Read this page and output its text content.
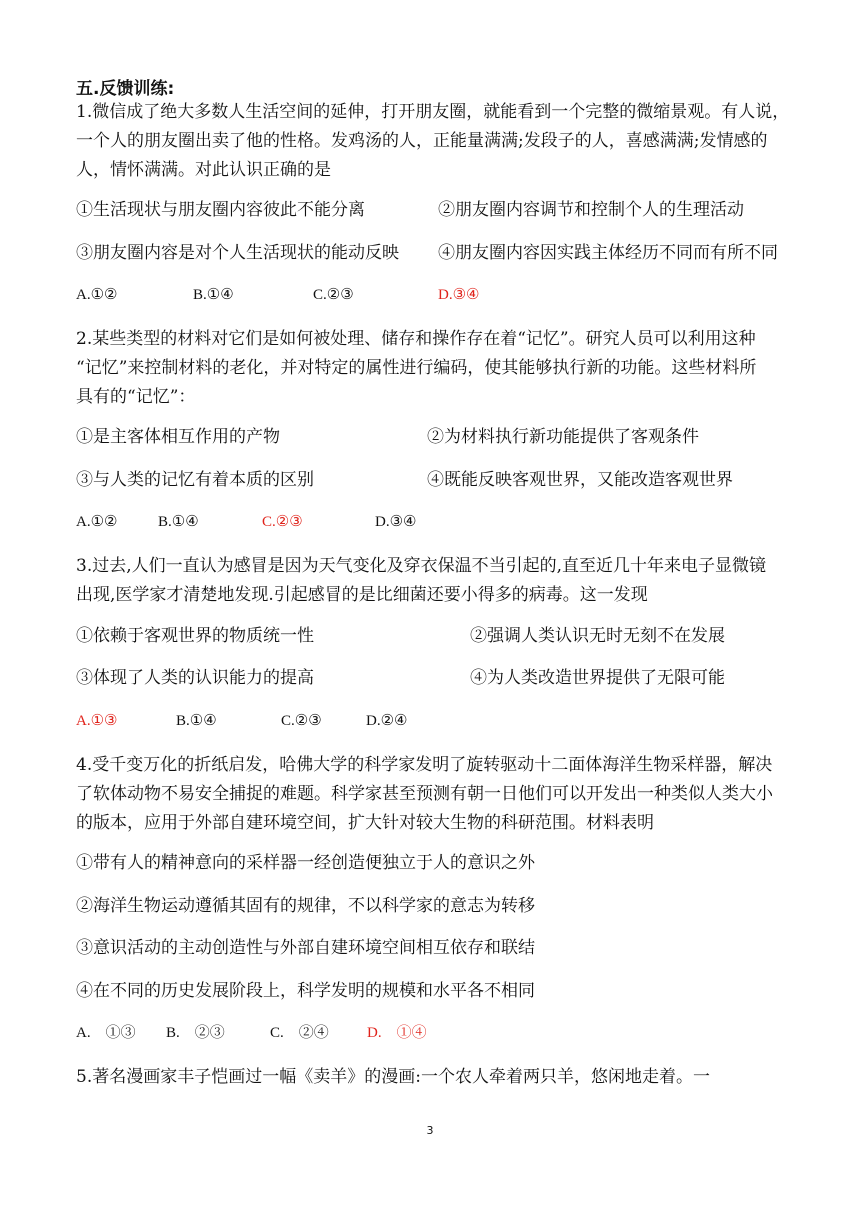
五.反馈训练:
1.微信成了绝大多数人生活空间的延伸，打开朋友圈，就能看到一个完整的微缩景观。有人说，
一个人的朋友圈出卖了他的性格。发鸡汤的人，正能量满满;发段子的人，喜感满满;发情感的
人，情怀满满。对此认识正确的是
①生活现状与朋友圈内容彼此不能分离	②朋友圈内容调节和控制个人的生理活动
③朋友圈内容是对个人生活现状的能动反映 ④朋友圈内容因实践主体经历不同而有所不同
A.①②	B.①④	C.②③	D.③④
2.某些类型的材料对它们是如何被处理、储存和操作存在着“记忆”。研究人员可以利用这种
“记忆”来控制材料的老化，并对特定的属性进行编码，使其能够执行新的功能。这些材料所
具有的“记忆”：
①是主客体相互作用的产物	②为材料执行新功能提供了客观条件
③与人类的记忆有着本质的区别	④既能反映客观世界，又能改造客观世界
A.①②	B.①④	C.②③	D.③④
3.过去,人们一直认为感冒是因为天气变化及穿衣保温不当引起的,直至近几十年来电子显微镜
出现,医学家才清楚地发现.引起感冒的是比细菌还要小得多的病毒。这一发现
①依赖于客观世界的物质统一性	②强调人类认识无时无刻不在发展
③体现了人类的认识能力的提高	④为人类改造世界提供了无限可能
A.①③	B.①④	C.②③	D.②④
4.受千变万化的折纸启发，哈佛大学的科学家发明了旋转驱动十二面体海洋生物采样器，解决
了软体动物不易安全捕捉的难题。科学家甚至预测有朝一日他们可以开发出一种类似人类大小
的版本，应用于外部自建环境空间，扩大针对较大生物的科研范围。材料表明
①带有人的精神意向的采样器一经创造便独立于人的意识之外
②海洋生物运动遵循其固有的规律，不以科学家的意志为转移
③意识活动的主动创造性与外部自建环境空间相互依存和联结
④在不同的历史发展阶段上，科学发明的规模和水平各不相同
A.　①③ B.　②③	C.　②④	D.　①④
5.著名漫画家丰子恺画过一幅《卖羊》的漫画:一个农人牵着两只羊，悠闲地走着。一
3
